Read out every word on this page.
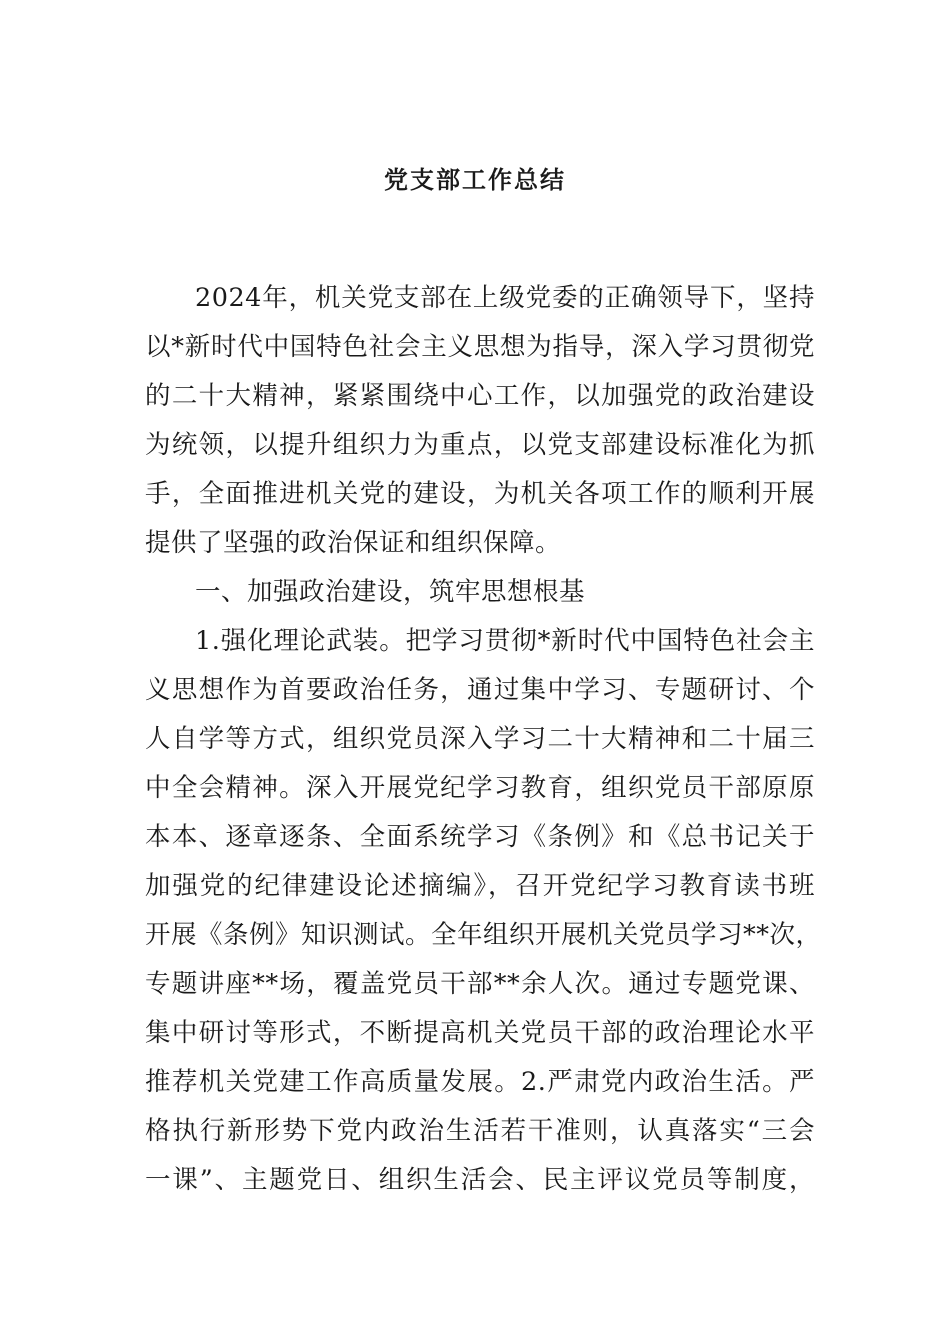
党支部工作总结
2024年，机关党支部在上级党委的正确领导下，坚持
以*新时代中国特色社会主义思想为指导，深入学习贯彻党
的二十大精神，紧紧围绕中心工作，以加强党的政治建设
为统领，以提升组织力为重点，以党支部建设标准化为抓
手，全面推进机关党的建设，为机关各项工作的顺利开展
提供了坚强的政治保证和组织保障。
一、加强政治建设，筑牢思想根基
1.强化理论武装。把学习贯彻*新时代中国特色社会主
义思想作为首要政治任务，通过集中学习、专题研讨、个
人自学等方式，组织党员深入学习二十大精神和二十届三
中全会精神。深入开展党纪学习教育，组织党员干部原原
本本、逐章逐条、全面系统学习《条例》和《总书记关于
加强党的纪律建设论述摘编》，召开党纪学习教育读书班
开展《条例》知识测试。全年组织开展机关党员学习**次，
专题讲座**场，覆盖党员干部**余人次。通过专题党课、
集中研讨等形式，不断提高机关党员干部的政治理论水平
推荐机关党建工作高质量发展。2.严肃党内政治生活。严
格执行新形势下党内政治生活若干准则，认真落实“三会
一课”、主题党日、组织生活会、民主评议党员等制度，
